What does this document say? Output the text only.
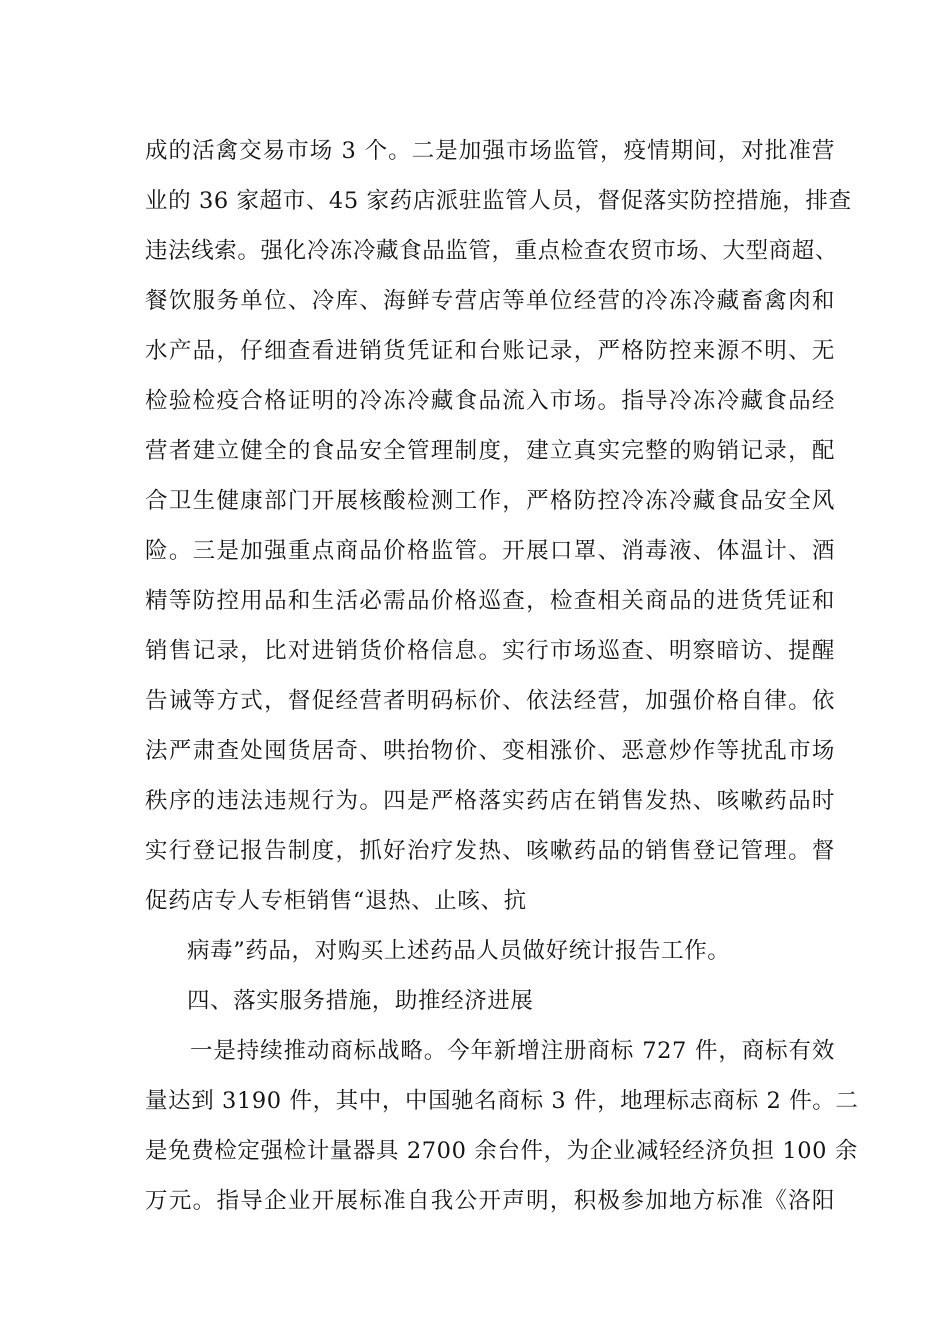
成的活禽交易市场 3 个。二是加强市场监管，疫情期间，对批准营
业的 36 家超市、45 家药店派驻监管人员，督促落实防控措施，排查
违法线索。强化冷冻冷藏食品监管，重点检查农贸市场、大型商超、
餐饮服务单位、冷库、海鲜专营店等单位经营的冷冻冷藏畜禽肉和
水产品，仔细查看进销货凭证和台账记录，严格防控来源不明、无
检验检疫合格证明的冷冻冷藏食品流入市场。指导冷冻冷藏食品经
营者建立健全的食品安全管理制度，建立真实完整的购销记录，配
合卫生健康部门开展核酸检测工作，严格防控冷冻冷藏食品安全风
险。三是加强重点商品价格监管。开展口罩、消毒液、体温计、酒
精等防控用品和生活必需品价格巡查，检查相关商品的进货凭证和
销售记录，比对进销货价格信息。实行市场巡查、明察暗访、提醒
告诫等方式，督促经营者明码标价、依法经营，加强价格自律。依
法严肃查处囤货居奇、哄抬物价、变相涨价、恶意炒作等扰乱市场
秩序的违法违规行为。四是严格落实药店在销售发热、咳嗽药品时
实行登记报告制度，抓好治疗发热、咳嗽药品的销售登记管理。督
促药店专人专柜销售“退热、止咳、抗
病毒”药品，对购买上述药品人员做好统计报告工作。
四、落实服务措施，助推经济进展
一是持续推动商标战略。今年新增注册商标 727 件，商标有效
量达到 3190 件，其中，中国驰名商标 3 件，地理标志商标 2 件。二
是免费检定强检计量器具 2700 余台件，为企业减轻经济负担 100 余
万元。指导企业开展标准自我公开声明，积极参加地方标准《洛阳
